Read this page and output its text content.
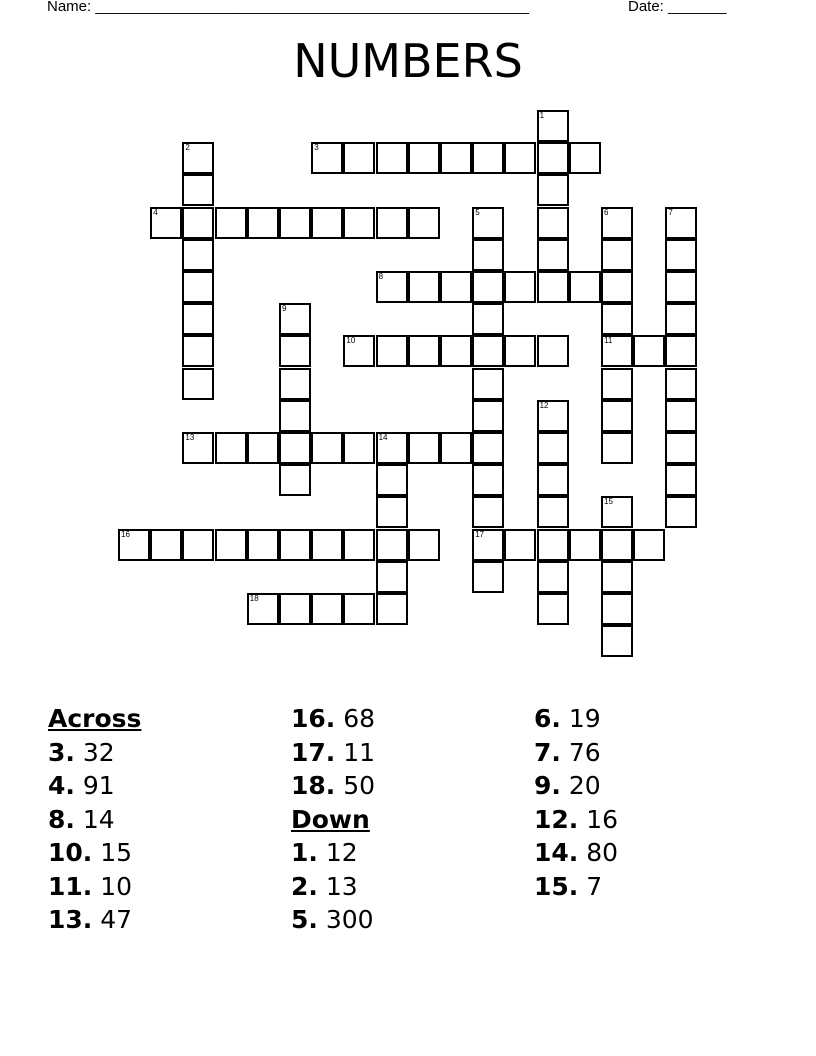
Name: ____________________________________________________	Date: _______
NUMBERS
1
2	3
4	5
17
6
11
7
8
9
10
12
13	14
15
16
18
Across
3. 32
4. 91
8. 14
10. 15
11. 10
13. 47
16. 68
17. 11
18. 50
Down
1. 12
2. 13
5. 300
6. 19
7. 76
9. 20
12. 16
14. 80
15. 7
